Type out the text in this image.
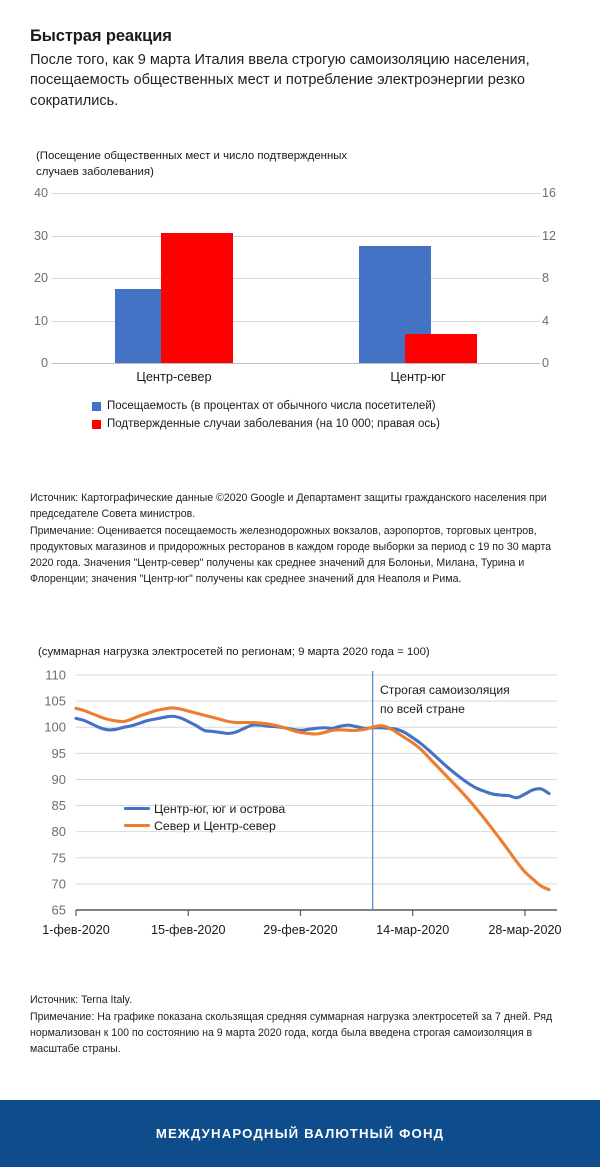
Быстрая реакция
После того, как 9 марта Италия ввела строгую самоизоляцию населения, посещаемость общественных мест и потребление электроэнергии резко сократились.
(Посещение общественных мест и число подтвержденных случаев заболевания)
0
10
20
30
40
0
4
8
12
16
Центр-север	Центр-юг
Посещаемость (в процентах от обычного числа посетителей)
Подтвержденные случаи заболевания (на 10 000; правая ось)

Источник: Картографические данные ©2020 Google и Департамент защиты гражданского населения при председателе Совета министров.

Примечание: Оценивается посещаемость железнодорожных вокзалов, аэропортов, торговых центров, продуктовых магазинов и придорожных ресторанов в каждом городе выборки за период с 19 по 30 марта 2020 года. Значения "Центр-север" получены как среднее значений для Болоньи, Милана, Турина и Флоренции; значения "Центр-юг" получены как среднее значений для Неаполя и Рима.

(суммарная нагрузка электросетей по регионам; 9 марта 2020 года = 100)
65
70
75
80
85
90
95
100
105
110
1-фев-2020	15-фев-2020	29-фев-2020	14-мар-2020	28-мар-2020
Строгая самоизоляция по всей стране
Центр-юг, юг и острова
Север и Центр-север

Источник: Terna Italy.

Примечание: На графике показана скользящая средняя суммарная нагрузка электросетей за 7 дней. Ряд нормализован к 100 по состоянию на 9 марта 2020 года, когда была введена строгая самоизоляция в масштабе страны.

МЕЖДУНАРОДНЫЙ ВАЛЮТНЫЙ ФОНД
